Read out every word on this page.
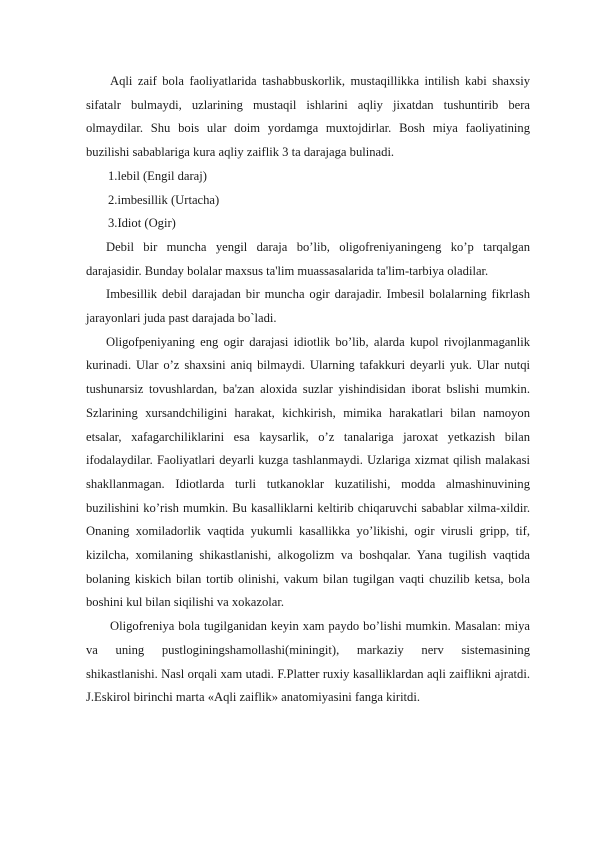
Aqli zaif bola faoliyatlarida tashabbuskorlik, mustaqillikka intilish kabi shaxsiy sifatalr bulmaydi, uzlarining mustaqil ishlarini aqliy jixatdan tushuntirib bera olmaydilar. Shu bois ular doim yordamga muxtojdirlar. Bosh miya faoliyatining buzilishi sabablariga kura aqliy zaiflik 3 ta darajaga bulinadi.

1.lebil (Engil daraj)

2.imbesillik (Urtacha)

3.Idiot (Ogir)

Debil bir muncha yengil daraja bo’lib, oligofreniyaningeng ko’p tarqalgan darajasidir. Bunday bolalar maxsus ta'lim muassasalarida ta'lim-tarbiya oladilar.

Imbesillik debil darajadan bir muncha ogir darajadir. Imbesil bolalarning fikrlash jarayonlari juda past darajada bo`ladi.

Oligofpeniyaning eng ogir darajasi idiotlik bo’lib, alarda kupol rivojlanmaganlik kurinadi. Ular o’z shaxsini aniq bilmaydi. Ularning tafakkuri deyarli yuk. Ular nutqi tushunarsiz tovushlardan, ba'zan aloxida suzlar yishindisidan iborat bslishi mumkin. Szlarining xursandchiligini harakat, kichkirish, mimika harakatlari bilan namoyon etsalar, xafagarchiliklarini esa kaysarlik, o’z tanalariga jaroxat yetkazish bilan ifodalaydilar. Faoliyatlari deyarli kuzga tashlanmaydi. Uzlariga xizmat qilish malakasi shakllanmagan. Idiotlarda turli tutkanoklar kuzatilishi, modda almashinuvining buzilishini ko’rish mumkin. Bu kasalliklarni keltirib chiqaruvchi sabablar xilma-xildir. Onaning xomiladorlik vaqtida yukumli kasallikka yo’likishi, ogir virusli gripp, tif, kizilcha, xomilaning shikastlanishi, alkogolizm va boshqalar. Yana tugilish vaqtida bolaning kiskich bilan tortib olinishi, vakum bilan tugilgan vaqti chuzilib ketsa, bola boshini kul bilan siqilishi va xokazolar.

Oligofreniya bola tugilganidan keyin xam paydo bo’lishi mumkin. Masalan: miya va uning pustloginingshamollashi(miningit), markaziy nerv sistemasining shikastlanishi. Nasl orqali xam utadi. F.Platter ruxiy kasalliklardan aqli zaiflikni ajratdi. J.Eskirol birinchi marta «Aqli zaiflik» anatomiyasini fanga kiritdi.
